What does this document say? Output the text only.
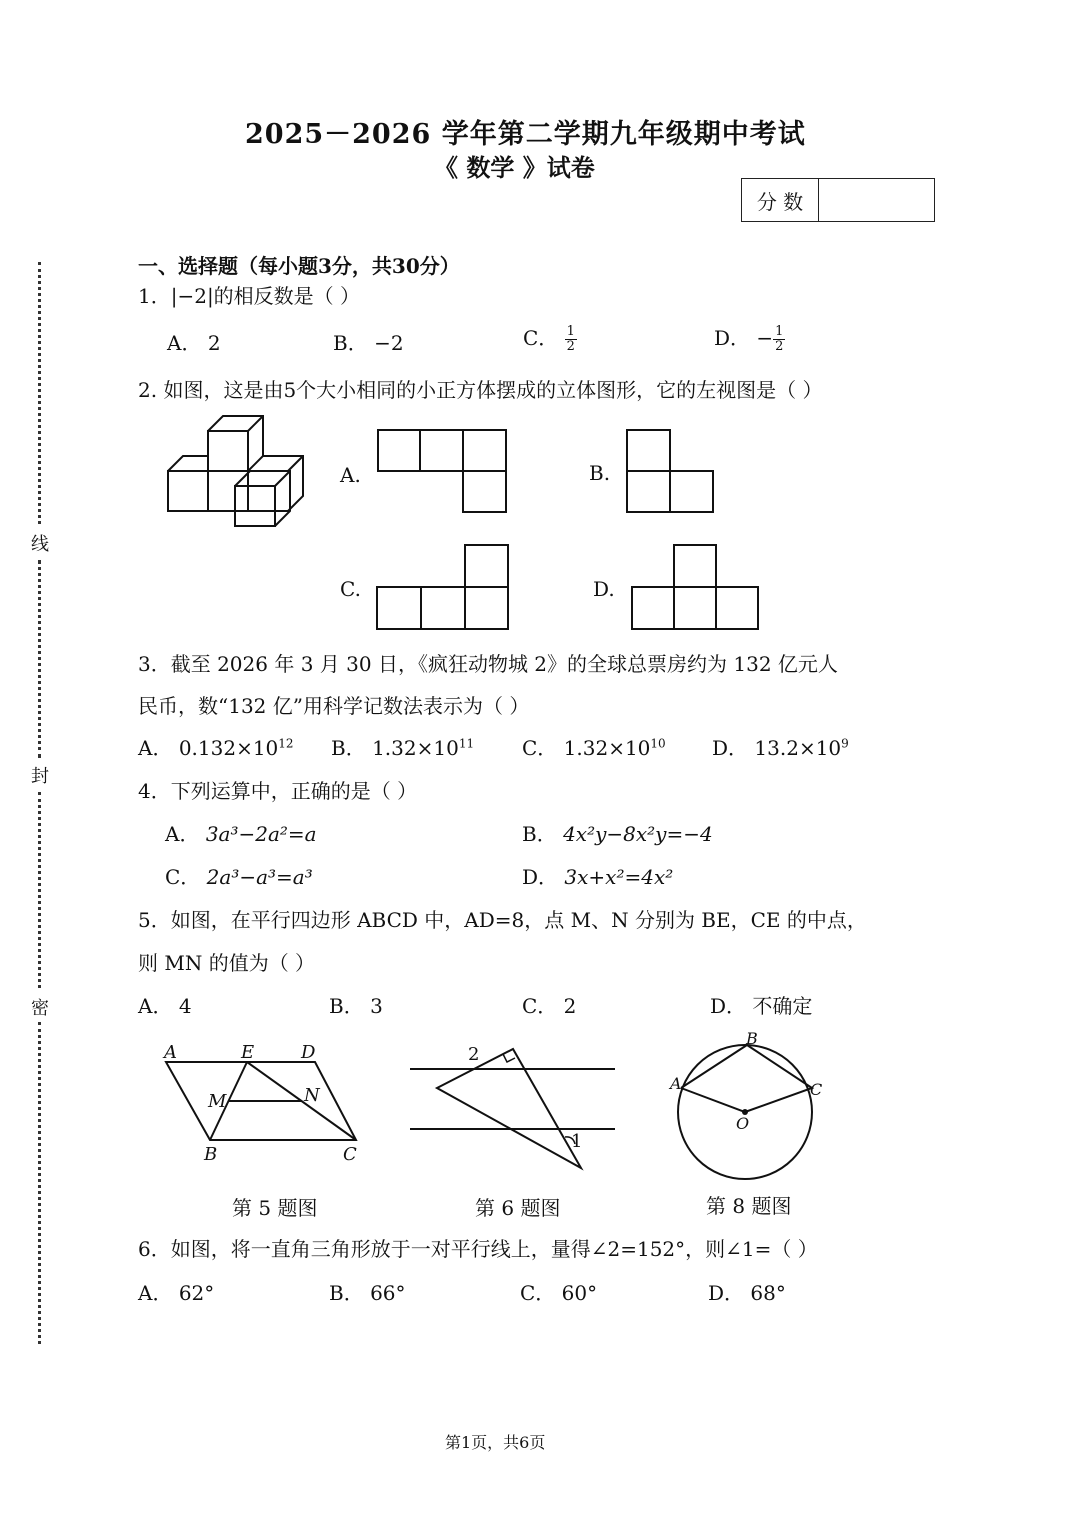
2025－2026 学年第二学期九年级期中考试
《 数学 》试卷
分 数
线
封
密
一、选择题（每小题3分，共30分）
1．|−2|的相反数是（ ）
A． 2	B． −2	C． $\frac{1}{2}$	D． − $\frac{1}{2}$
2. 如图，这是由5个大小相同的小正方体摆成的立体图形，它的左视图是（ ）
A.	B.
C.	D.
3．截至 2026 年 3 月 30 日，《疯狂动物城 2》的全球总票房约为 132 亿元人
民币，数“132 亿”用科学记数法表示为（ ）
A． $0.132\times 10^{12}$ B． $1.32\times 10^{11}$ C． $1.32\times 10^{10}$ D． $13.2\times 10^9$
4．下列运算中，正确的是（ ）
A． 3a³−2a²=a	B． 4x²y−8x²y=−4
C． 2a³−a³=a³	D． 3x+x²=4x²
5．如图，在平行四边形 ABCD 中，AD=8，点 M、N 分别为 BE，CE 的中点，
则 MN 的值为（ ）
A． 4	B． 3	C． 2	D． 不确定
A	E	D
M	N
B	C
2
1
A
B
C
O
第 5 题图	第 6 题图	第 8 题图
6．如图，将一直角三角形放于一对平行线上，量得∠2=152°，则∠1=（ ）
A． 62°	B． 66°	C． 60°	D． 68°
第1页，共6页
